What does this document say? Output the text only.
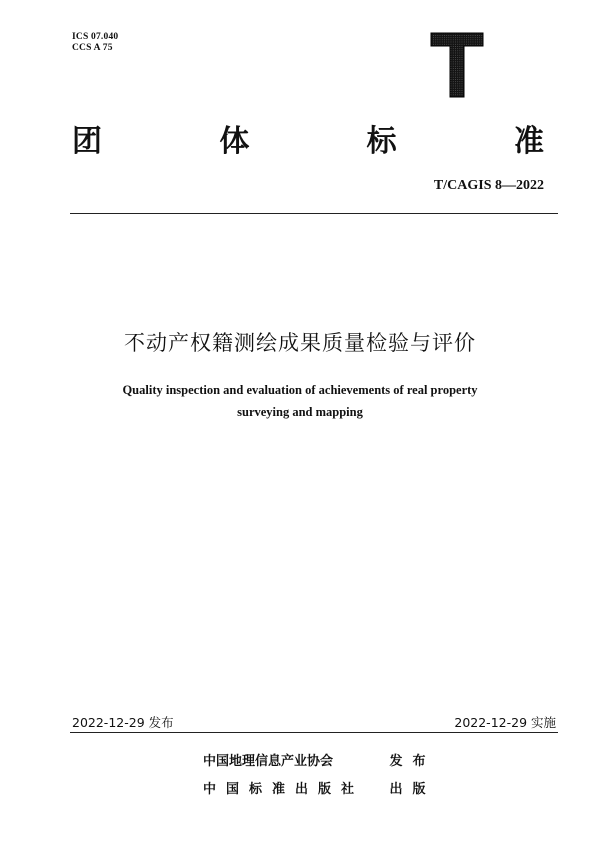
ICS 07.040
CCS A 75
团	体	标	准
T/CAGIS 8—2022
不动产权籍测绘成果质量检验与评价
Quality inspection and evaluation of achievements of real property
surveying and mapping
2022-12-29 发布	2022-12-29 实施
中国地理信息产业协会	发布
中国标准出版社 出版
